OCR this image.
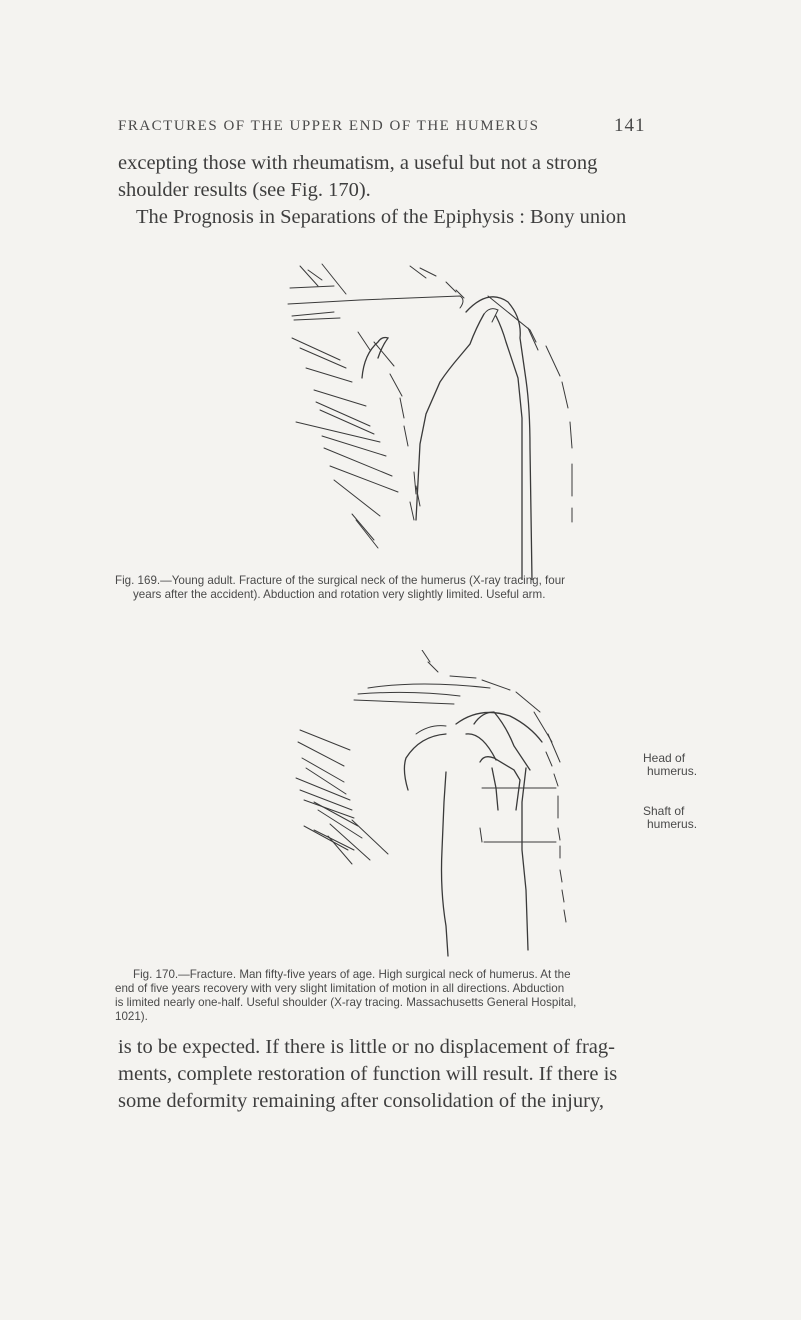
FRACTURES OF THE UPPER END OF THE HUMERUS	141

excepting those with rheumatism, a useful but not a strong
shoulder results (see Fig. 170).
The Prognosis in Separations of the Epiphysis : Bony union

Fig. 169.—Young adult. Fracture of the surgical neck of the humerus (X-ray tracing, four
years after the accident). Abduction and rotation very slightly limited. Useful arm.

Head of
humerus.
Shaft of
humerus.

Fig. 170.—Fracture. Man fifty-five years of age. High surgical neck of humerus. At the
end of five years recovery with very slight limitation of motion in all directions. Abduction
is limited nearly one-half. Useful shoulder (X-ray tracing. Massachusetts General Hospital,
1021).

is to be expected. If there is little or no displacement of frag-
ments, complete restoration of function will result. If there is
some deformity remaining after consolidation of the injury,
